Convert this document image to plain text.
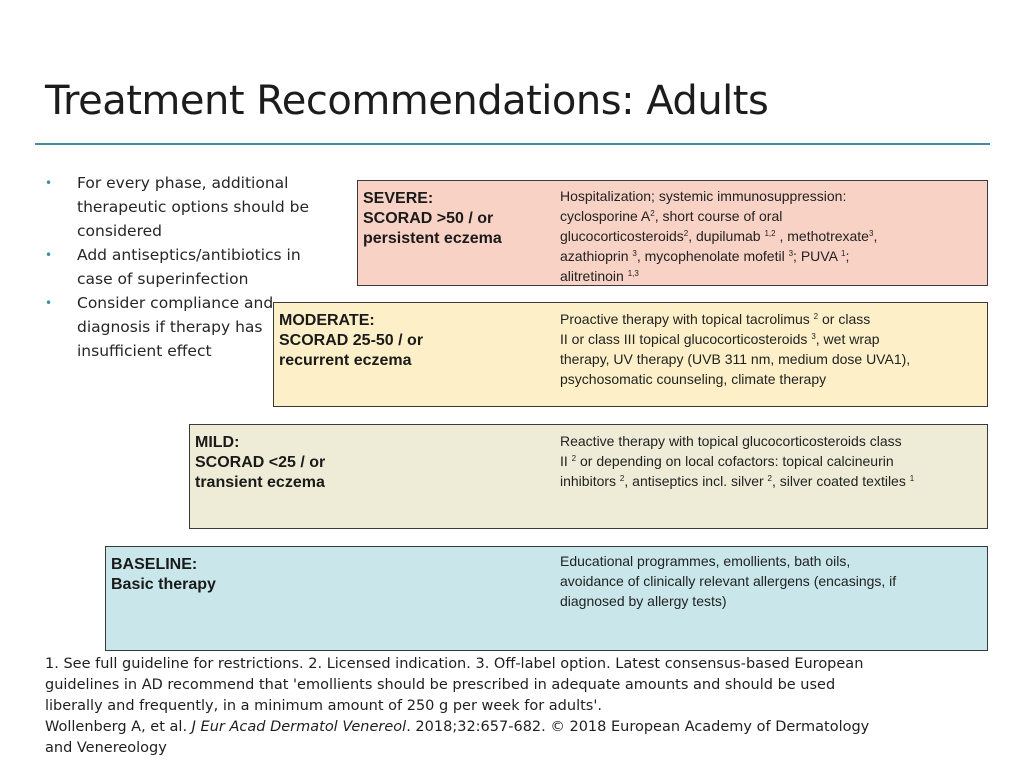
Treatment Recommendations: Adults
• For every phase, additional
therapeutic options should be
considered
• Add antiseptics/antibiotics in
case of superinfection
• Consider compliance and
diagnosis if therapy has
insufficient effect
SEVERE:
SCORAD >50 / or
persistent eczema
Hospitalization; systemic immunosuppression:
cyclosporine $A^2$, short course of oral
glucocorticosteroids$^2$, dupilumab $^{1,2}$ , methotrexate$^3$,
azathioprin $^3$, mycophenolate mofetil $^3$; PUVA $^1$;
alitretinoin $^{1,3}$
MODERATE:
SCORAD 25-50 / or
recurrent eczema
Proactive therapy with topical tacrolimus $^2$ or class
II or class III topical glucocorticosteroids $^3$, wet wrap
therapy, UV therapy (UVB 311 nm, medium dose UVA1),
psychosomatic counseling, climate therapy
MILD:
SCORAD <25 / or
transient eczema
Reactive therapy with topical glucocorticosteroids class
II $^2$ or depending on local cofactors: topical calcineurin
inhibitors $^2$, antiseptics incl. silver $^2$, silver coated textiles $^1$
BASELINE:
Basic therapy
Educational programmes, emollients, bath oils,
avoidance of clinically relevant allergens (encasings, if
diagnosed by allergy tests)

1. See full guideline for restrictions. 2. Licensed indication. 3. Off-label option. Latest consensus-based European
guidelines in AD recommend that 'emollients should be prescribed in adequate amounts and should be used
liberally and frequently, in a minimum amount of 250 g per week for adults'.

Wollenberg A, et al. J Eur Acad Dermatol Venereol. 2018;32:657-682. © 2018 European Academy of Dermatology
and Venereology
